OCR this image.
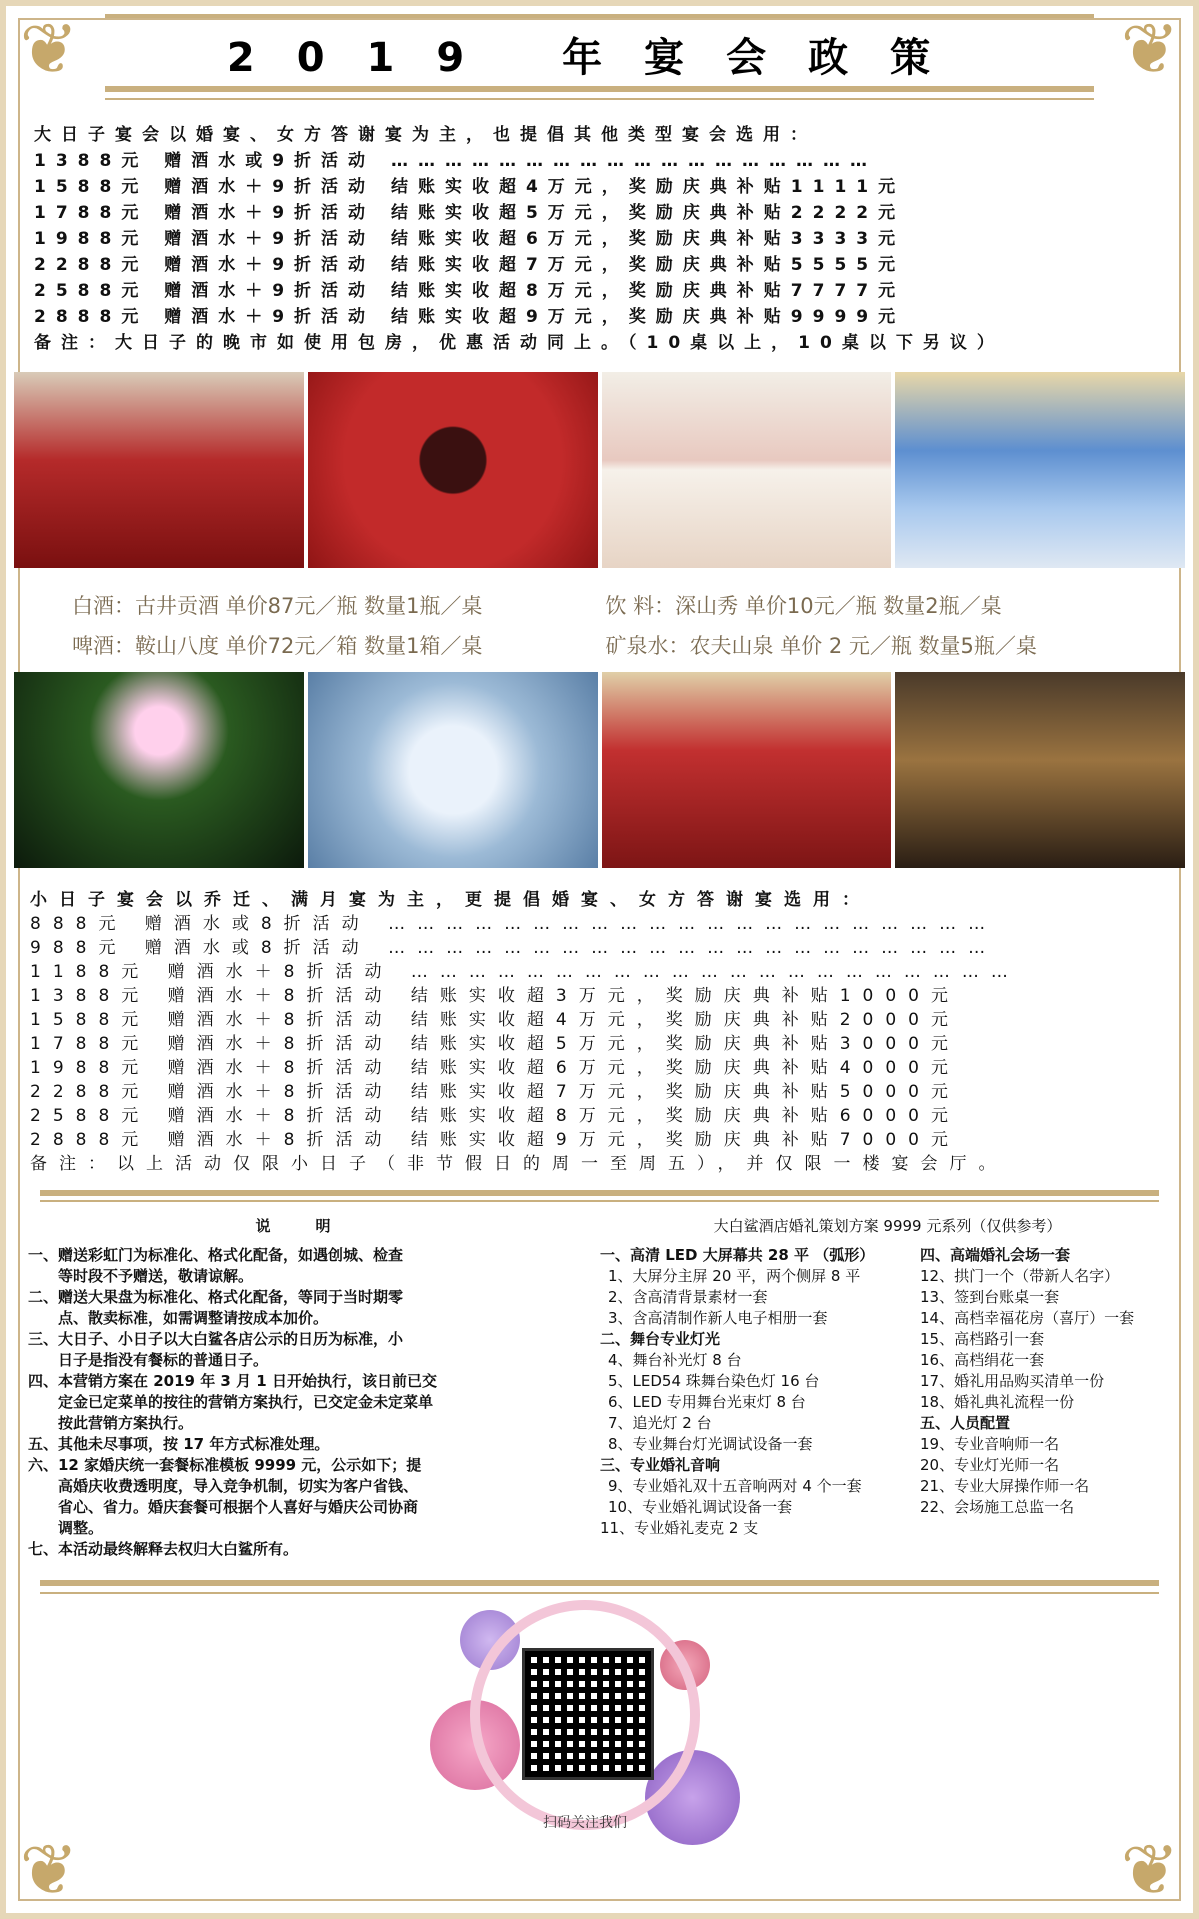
❦	❦
❦	❦
2019 年宴会政策
大日子宴会以婚宴、女方答谢宴为主，也提倡其他类型宴会选用：
1388元 赠酒水或9折活动 ………………………………………………
1588元 赠酒水＋9折活动 结账实收超4万元，奖励庆典补贴1111元
1788元 赠酒水＋9折活动 结账实收超5万元，奖励庆典补贴2222元
1988元 赠酒水＋9折活动 结账实收超6万元，奖励庆典补贴3333元
2288元 赠酒水＋9折活动 结账实收超7万元，奖励庆典补贴5555元
2588元 赠酒水＋9折活动 结账实收超8万元，奖励庆典补贴7777元
2888元 赠酒水＋9折活动 结账实收超9万元，奖励庆典补贴9999元
备注：大日子的晚市如使用包房，优惠活动同上。（10桌以上，10桌以下另议）
白酒：古井贡酒 单价87元／瓶 数量1瓶／桌	饮 料：深山秀 单价10元／瓶 数量2瓶／桌
啤酒：鞍山八度 单价72元／箱 数量1箱／桌	矿泉水：农夫山泉 单价 2 元／瓶 数量5瓶／桌
小日子宴会以乔迁、满月宴为主，更提倡婚宴、女方答谢宴选用：
888元 赠酒水或8折活动 ………………………………………………………
988元 赠酒水或8折活动 ………………………………………………………
1188元 赠酒水＋8折活动 ………………………………………………………
1388元 赠酒水＋8折活动 结账实收超3万元，奖励庆典补贴1000元
1588元 赠酒水＋8折活动 结账实收超4万元，奖励庆典补贴2000元
1788元 赠酒水＋8折活动 结账实收超5万元，奖励庆典补贴3000元
1988元 赠酒水＋8折活动 结账实收超6万元，奖励庆典补贴4000元
2288元 赠酒水＋8折活动 结账实收超7万元，奖励庆典补贴5000元
2588元 赠酒水＋8折活动 结账实收超8万元，奖励庆典补贴6000元
2888元 赠酒水＋8折活动 结账实收超9万元，奖励庆典补贴7000元
备注：以上活动仅限小日子（非节假日的周一至周五），并仅限一楼宴会厅。
说　　　明
一、赠送彩虹门为标准化、格式化配备，如遇创城、检查
　　等时段不予赠送，敬请谅解。
二、赠送大果盘为标准化、格式化配备，等同于当时期零
　　点、散卖标准，如需调整请按成本加价。
三、大日子、小日子以大白鲨各店公示的日历为标准，小
　　日子是指没有餐标的普通日子。
四、本营销方案在 2019 年 3 月 1 日开始执行，该日前已交
　　定金已定菜单的按往的营销方案执行，已交定金未定菜单
　　按此营销方案执行。
五、其他未尽事项，按 17 年方式标准处理。
六、12 家婚庆统一套餐标准模板 9999 元，公示如下；提
　　高婚庆收费透明度，导入竞争机制，切实为客户省钱、
　　省心、省力。婚庆套餐可根据个人喜好与婚庆公司协商
　　调整。
七、本活动最终解释去权归大白鲨所有。
大白鲨酒店婚礼策划方案 9999 元系列（仅供参考）
一、高清 LED 大屏幕共 28 平 （弧形）
1、大屏分主屏 20 平，两个侧屏 8 平
2、含高清背景素材一套
3、含高清制作新人电子相册一套
二、舞台专业灯光
4、舞台补光灯 8 台
5、LED54 珠舞台染色灯 16 台
6、LED 专用舞台光束灯 8 台
7、追光灯 2 台
8、专业舞台灯光调试设备一套
三、专业婚礼音响
9、专业婚礼双十五音响两对 4 个一套
10、专业婚礼调试设备一套
11、专业婚礼麦克 2 支
四、高端婚礼会场一套
12、拱门一个（带新人名字）
13、签到台账桌一套
14、高档幸福花房（喜厅）一套
15、高档路引一套
16、高档绢花一套
17、婚礼用品购买清单一份
18、婚礼典礼流程一份
五、人员配置
19、专业音响师一名
20、专业灯光师一名
21、专业大屏操作师一名
22、会场施工总监一名
扫码关注我们
